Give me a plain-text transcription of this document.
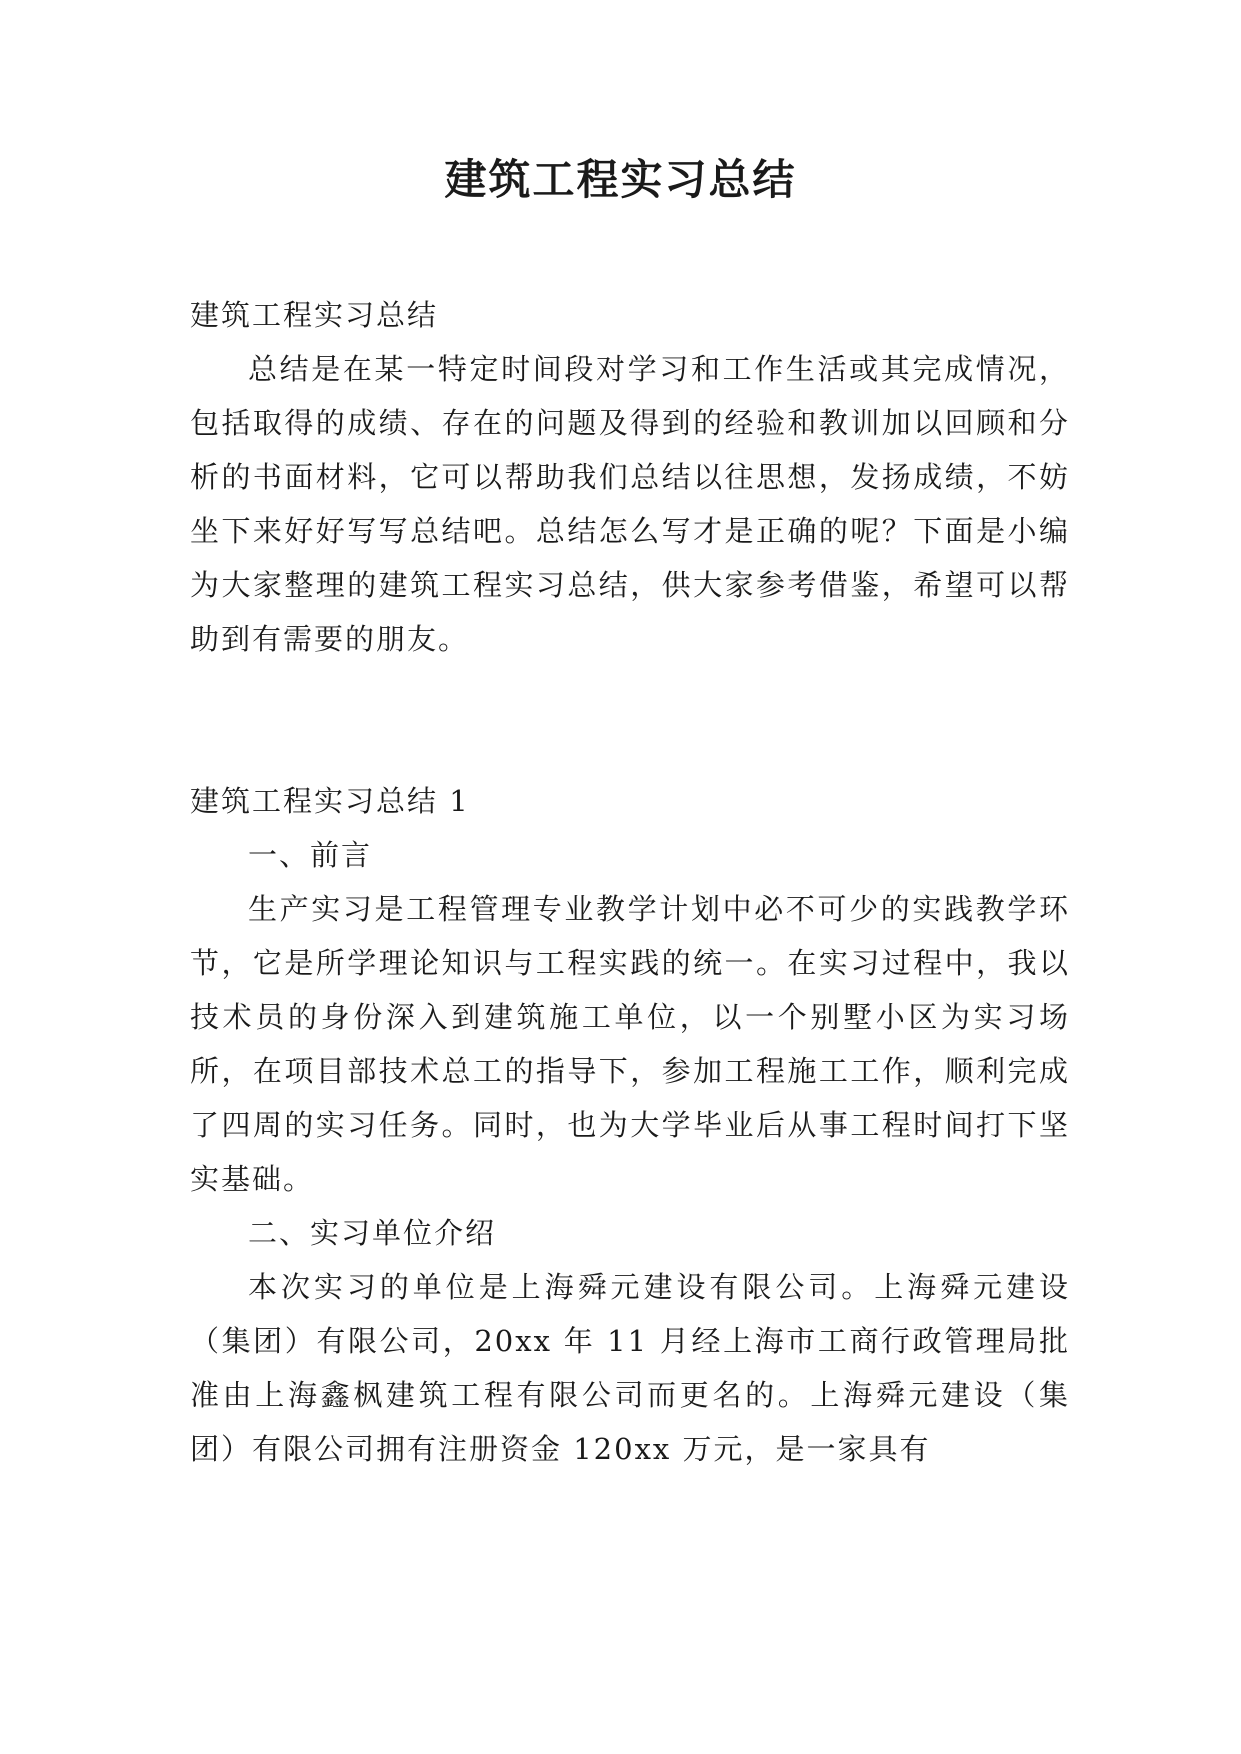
建筑工程实习总结

建筑工程实习总结

总结是在某一特定时间段对学习和工作生活或其完成情况，包括取得的成绩、存在的问题及得到的经验和教训加以回顾和分析的书面材料，它可以帮助我们总结以往思想，发扬成绩，不妨坐下来好好写写总结吧。总结怎么写才是正确的呢？下面是小编为大家整理的建筑工程实习总结，供大家参考借鉴，希望可以帮助到有需要的朋友。

建筑工程实习总结 1

一、前言

生产实习是工程管理专业教学计划中必不可少的实践教学环节，它是所学理论知识与工程实践的统一。在实习过程中，我以技术员的身份深入到建筑施工单位，以一个别墅小区为实习场所，在项目部技术总工的指导下，参加工程施工工作，顺利完成了四周的实习任务。同时，也为大学毕业后从事工程时间打下坚实基础。

二、实习单位介绍

本次实习的单位是上海舜元建设有限公司。上海舜元建设（集团）有限公司，20xx 年 11 月经上海市工商行政管理局批准由上海鑫枫建筑工程有限公司而更名的。上海舜元建设（集团）有限公司拥有注册资金 120xx 万元，是一家具有
